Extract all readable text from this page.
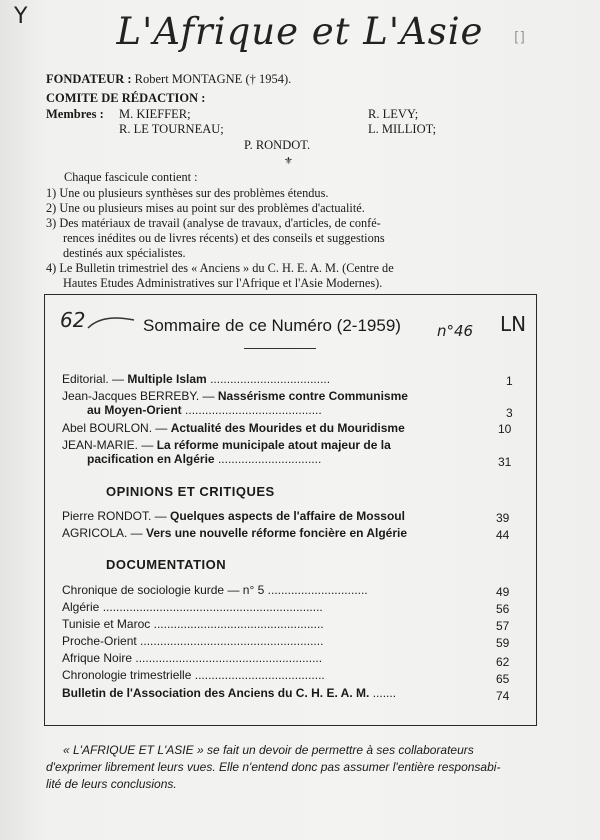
Y
[]
L'Afrique et L'Asie
FONDATEUR : Robert MONTAGNE († 1954).
COMITE DE RÉDACTION :
Membres : M. KIEFFER;	R. LEVY;
R. LE TOURNEAU;	L. MILLIOT;
P. RONDOT.
⚜
Chaque fascicule contient :
1) Une ou plusieurs synthèses sur des problèmes étendus.
2) Une ou plusieurs mises au point sur des problèmes d'actualité.
3) Des matériaux de travail (analyse de travaux, d'articles, de confé-
rences inédites ou de livres récents) et des conseils et suggestions
destinés aux spécialistes.
4) Le Bulletin trimestriel des « Anciens » du C. H. E. A. M. (Centre de
Hautes Etudes Administratives sur l'Afrique et l'Asie Modernes).
62	LN
n°46
Sommaire de ce Numéro (2-1959)
Editorial. — Multiple Islam ....................................	1
Jean-Jacques BERREBY. — Nassérisme contre Communisme
au Moyen-Orient .........................................	3
Abel BOURLON. — Actualité des Mourides et du Mouridisme	10
JEAN-MARIE. — La réforme municipale atout majeur de la
pacification en Algérie ...............................	31
OPINIONS ET CRITIQUES
Pierre RONDOT. — Quelques aspects de l'affaire de Mossoul	39
AGRICOLA. — Vers une nouvelle réforme foncière en Algérie	44
DOCUMENTATION
Chronique de sociologie kurde — n° 5 ..............................	49
Algérie ..................................................................	56
Tunisie et Maroc ...................................................	57
Proche-Orient .......................................................	59
Afrique Noire ........................................................	62
Chronologie trimestrielle .......................................	65
Bulletin de l'Association des Anciens du C. H. E. A. M. .......	74
« L'AFRIQUE ET L'ASIE » se fait un devoir de permettre à ses collaborateurs
d'exprimer librement leurs vues. Elle n'entend donc pas assumer l'entière responsabi-
lité de leurs conclusions.
